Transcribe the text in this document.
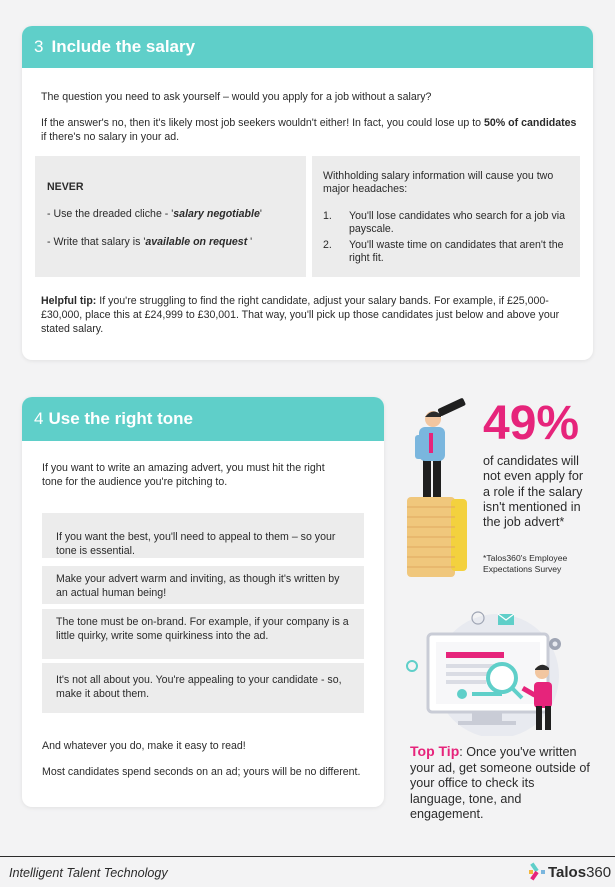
3 Include the salary

The question you need to ask yourself – would you apply for a job without a salary?

If the answer's no, then it's likely most job seekers wouldn't either! In fact, you could lose up to 50% of candidates if there's no salary in your ad.

NEVER

- Use the dreaded cliche - 'salary negotiable'

- Write that salary is 'available on request '

Withholding salary information will cause you two major headaches:

1.	You'll lose candidates who search for a job via payscale.
2.	You'll waste time on candidates that aren't the right fit.

Helpful tip: If you're struggling to find the right candidate, adjust your salary bands. For example, if £25,000-£30,000, place this at £24,999 to £30,001. That way, you'll pick up those candidates just below and above your stated salary.

4 Use the right tone

If you want to write an amazing advert, you must hit the right tone for the audience you're pitching to.

If you want the best, you'll need to appeal to them – so your tone is essential.
Make your advert warm and inviting, as though it's written by an actual human being!
The tone must be on-brand. For example, if your company is a little quirky, write some quirkiness into the ad.
It's not all about you. You're appealing to your candidate - so, make it about them.

And whatever you do, make it easy to read!

Most candidates spend seconds on an ad; yours will be no different.

49%

of candidates will not even apply for a role if the salary isn't mentioned in the job advert*

*Talos360's Employee Expectations Survey

Top Tip: Once you've written your ad, get someone outside of your office to check its language, tone, and engagement.

Intelligent Talent Technology	Talos 360
